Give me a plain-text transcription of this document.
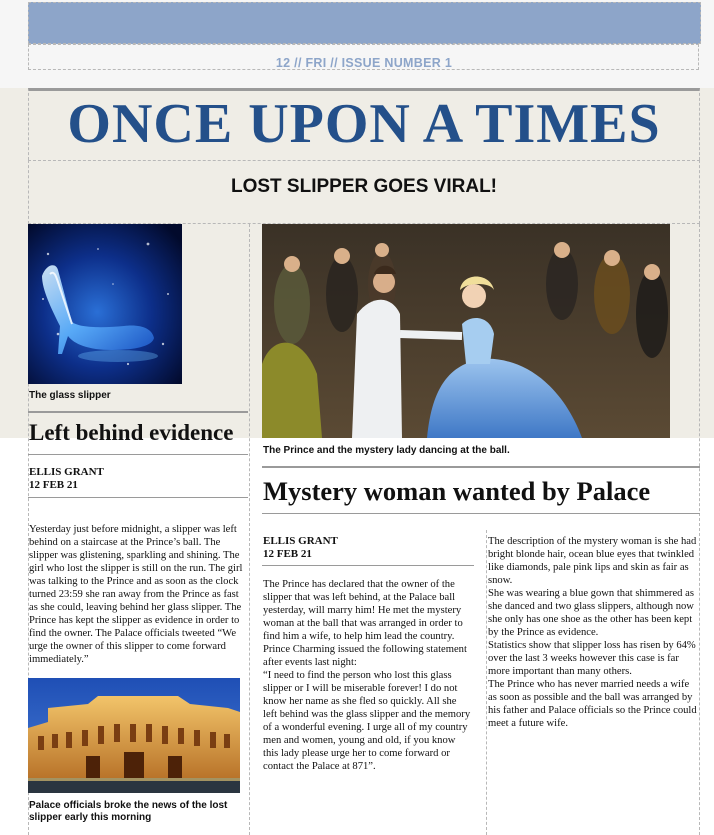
12 // FRI // ISSUE NUMBER 1
ONCE UPON A TIMES
LOST SLIPPER GOES VIRAL!
The glass slipper
Left behind evidence
ELLIS GRANT
12 FEB 21

Yesterday just before midnight, a slipper was left behind on a staircase at the Prince’s ball. The slipper was glistening, sparkling and shining. The girl who lost the slipper is still on the run. The girl was talking to the Prince and as soon as the clock turned 23:59 she ran away from the Prince as fast as she could, leaving behind her glass slipper. The Prince has kept the slipper as evidence in order to find the owner. The Palace officials tweeted “We urge the owner of this slipper to come forward immediately.”

Palace officials broke the news of the lost slipper early this morning
The Prince and the mystery lady dancing at the ball.
Mystery woman wanted by Palace
ELLIS GRANT
12 FEB 21

The Prince has declared that the owner of the slipper that was left behind, at the Palace ball yesterday, will marry him! He met the mystery woman at the ball that was arranged in order to find him a wife, to help him lead the country. Prince Charming issued the following statement after events last night:

“I need to find the person who lost this glass slipper or I will be miserable forever! I do not know her name as she fled so quickly. All she left behind was the glass slipper and the memory of a wonderful evening. I urge all of my country men and women, young and old, if you know this lady please urge her to come forward or contact the Palace at 871”.

The description of the mystery woman is she had bright blonde hair, ocean blue eyes that twinkled like diamonds, pale pink lips and skin as fair as snow.

She was wearing a blue gown that shimmered as she danced and two glass slippers, although now she only has one shoe as the other has been kept by the Prince as evidence.

Statistics show that slipper loss has risen by 64% over the last 3 weeks however this case is far more important than many others.

The Prince who has never married needs a wife as soon as possible and the ball was arranged by his father and Palace officials so the Prince could meet a future wife.
